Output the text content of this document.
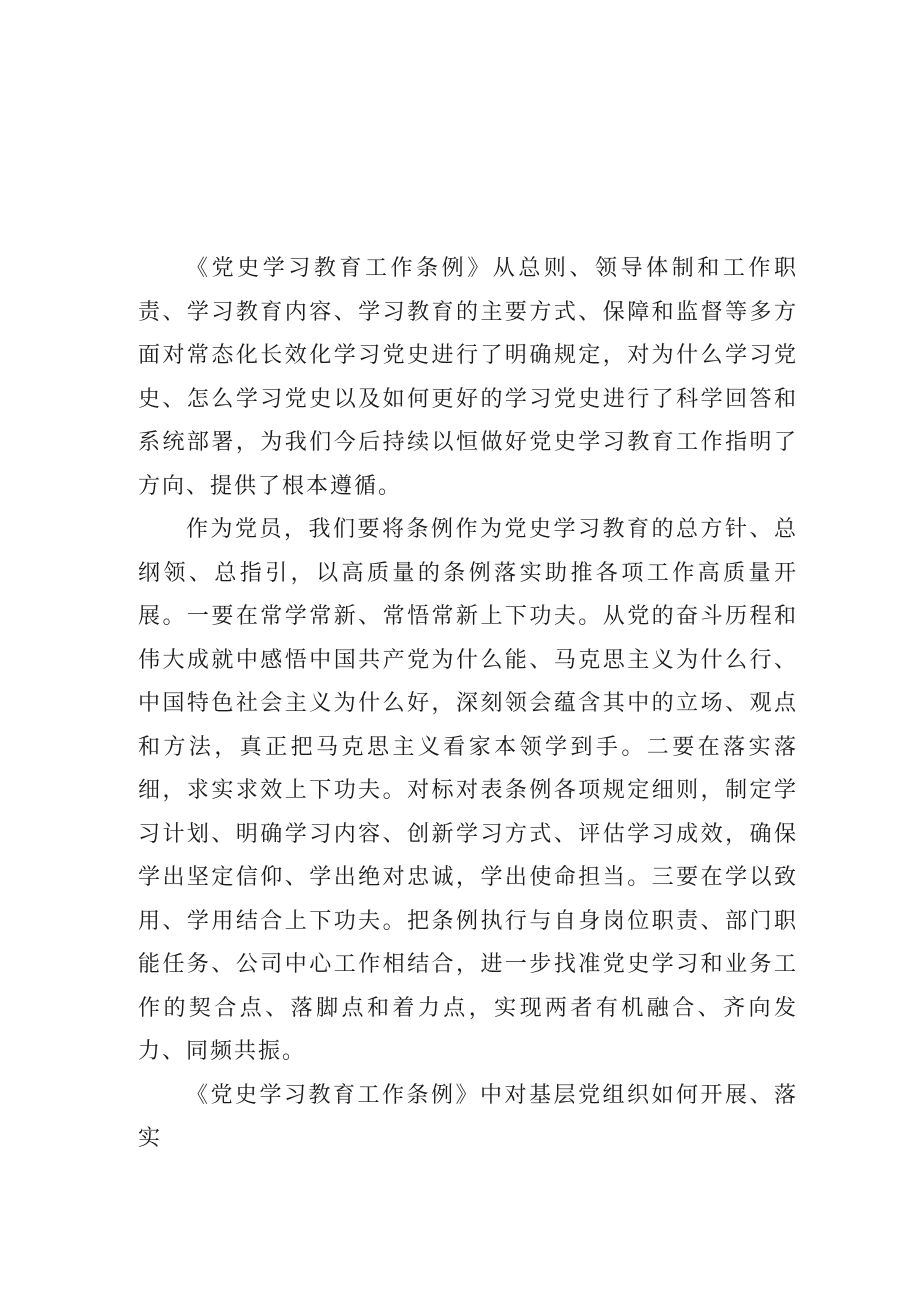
《党史学习教育工作条例》从总则、领导体制和工作职责、学习教育内容、学习教育的主要方式、保障和监督等多方面对常态化长效化学习党史进行了明确规定，对为什么学习党史、怎么学习党史以及如何更好的学习党史进行了科学回答和系统部署，为我们今后持续以恒做好党史学习教育工作指明了方向、提供了根本遵循。

作为党员，我们要将条例作为党史学习教育的总方针、总纲领、总指引，以高质量的条例落实助推各项工作高质量开展。一要在常学常新、常悟常新上下功夫。从党的奋斗历程和伟大成就中感悟中国共产党为什么能、马克思主义为什么行、中国特色社会主义为什么好，深刻领会蕴含其中的立场、观点和方法，真正把马克思主义看家本领学到手。二要在落实落细，求实求效上下功夫。对标对表条例各项规定细则，制定学习计划、明确学习内容、创新学习方式、评估学习成效，确保学出坚定信仰、学出绝对忠诚，学出使命担当。三要在学以致用、学用结合上下功夫。把条例执行与自身岗位职责、部门职能任务、公司中心工作相结合，进一步找准党史学习和业务工作的契合点、落脚点和着力点，实现两者有机融合、齐向发力、同频共振。

《党史学习教育工作条例》中对基层党组织如何开展、落实
